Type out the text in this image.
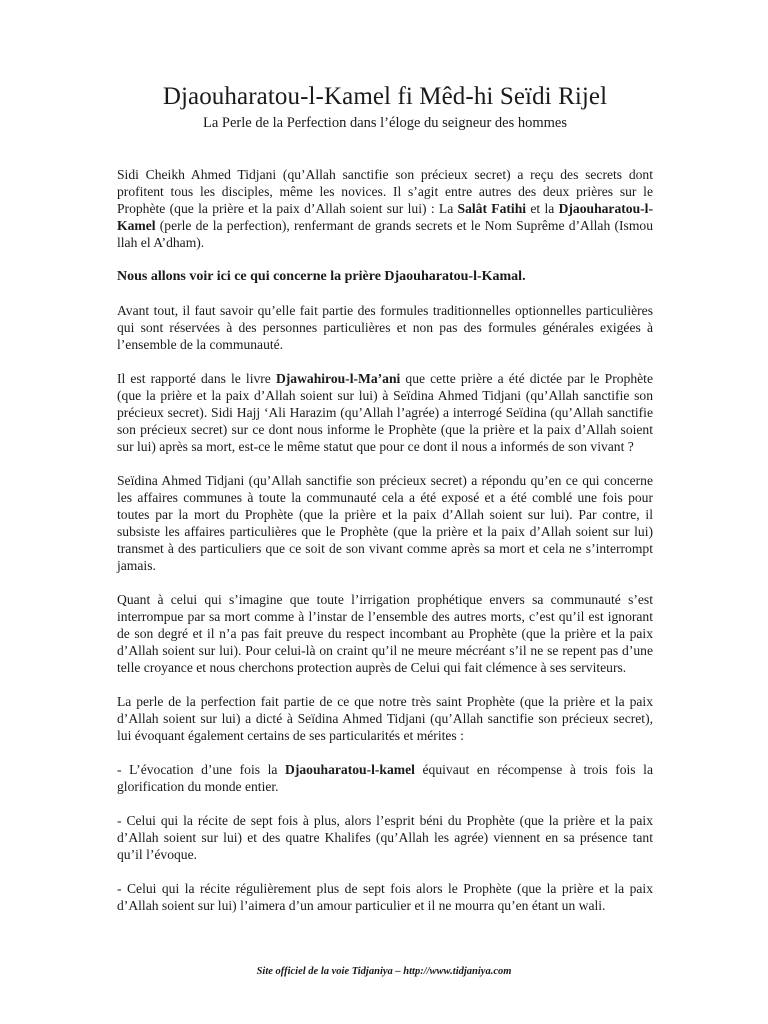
Djaouharatou-l-Kamel fi Mêd-hi Seïdi Rijel
La Perle de la Perfection dans l’éloge du seigneur des hommes

Sidi Cheikh Ahmed Tidjani (qu’Allah sanctifie son précieux secret) a reçu des secrets dont profitent tous les disciples, même les novices. Il s’agit entre autres des deux prières sur le Prophète (que la prière et la paix d’Allah soient sur lui) : La Salât Fatihi et la Djaouharatou-l-Kamel (perle de la perfection), renfermant de grands secrets et le Nom Suprême d’Allah (Ismou llah el A’dham).

Nous allons voir ici ce qui concerne la prière Djaouharatou-l-Kamal.

Avant tout, il faut savoir qu’elle fait partie des formules traditionnelles optionnelles particulières qui sont réservées à des personnes particulières et non pas des formules générales exigées à l’ensemble de la communauté.

Il est rapporté dans le livre Djawahirou-l-Ma’ani que cette prière a été dictée par le Prophète (que la prière et la paix d’Allah soient sur lui) à Seïdina Ahmed Tidjani (qu’Allah sanctifie son précieux secret). Sidi Hajj ‘Ali Harazim (qu’Allah l’agrée) a interrogé Seïdina (qu’Allah sanctifie son précieux secret) sur ce dont nous informe le Prophète (que la prière et la paix d’Allah soient sur lui) après sa mort, est-ce le même statut que pour ce dont il nous a informés de son vivant ?

Seïdina Ahmed Tidjani (qu’Allah sanctifie son précieux secret) a répondu qu’en ce qui concerne les affaires communes à toute la communauté cela a été exposé et a été comblé une fois pour toutes par la mort du Prophète (que la prière et la paix d’Allah soient sur lui). Par contre, il subsiste les affaires particulières que le Prophète (que la prière et la paix d’Allah soient sur lui) transmet à des particuliers que ce soit de son vivant comme après sa mort et cela ne s’interrompt jamais.

Quant à celui qui s’imagine que toute l’irrigation prophétique envers sa communauté s’est interrompue par sa mort comme à l’instar de l’ensemble des autres morts, c’est qu’il est ignorant de son degré et il n’a pas fait preuve du respect incombant au Prophète (que la prière et la paix d’Allah soient sur lui). Pour celui-là on craint qu’il ne meure mécréant s’il ne se repent pas d’une telle croyance et nous cherchons protection auprès de Celui qui fait clémence à ses serviteurs.

La perle de la perfection fait partie de ce que notre très saint Prophète (que la prière et la paix d’Allah soient sur lui) a dicté à Seïdina Ahmed Tidjani (qu’Allah sanctifie son précieux secret), lui évoquant également certains de ses particularités et mérites :

- L’évocation d’une fois la Djaouharatou-l-kamel équivaut en récompense à trois fois la glorification du monde entier.

- Celui qui la récite de sept fois à plus, alors l’esprit béni du Prophète (que la prière et la paix d’Allah soient sur lui) et des quatre Khalifes (qu’Allah les agrée) viennent en sa présence tant qu’il l’évoque.

- Celui qui la récite régulièrement plus de sept fois alors le Prophète (que la prière et la paix d’Allah soient sur lui) l’aimera d’un amour particulier et il ne mourra qu’en étant un wali.

Site officiel de la voie Tidjaniya – http://www.tidjaniya.com
